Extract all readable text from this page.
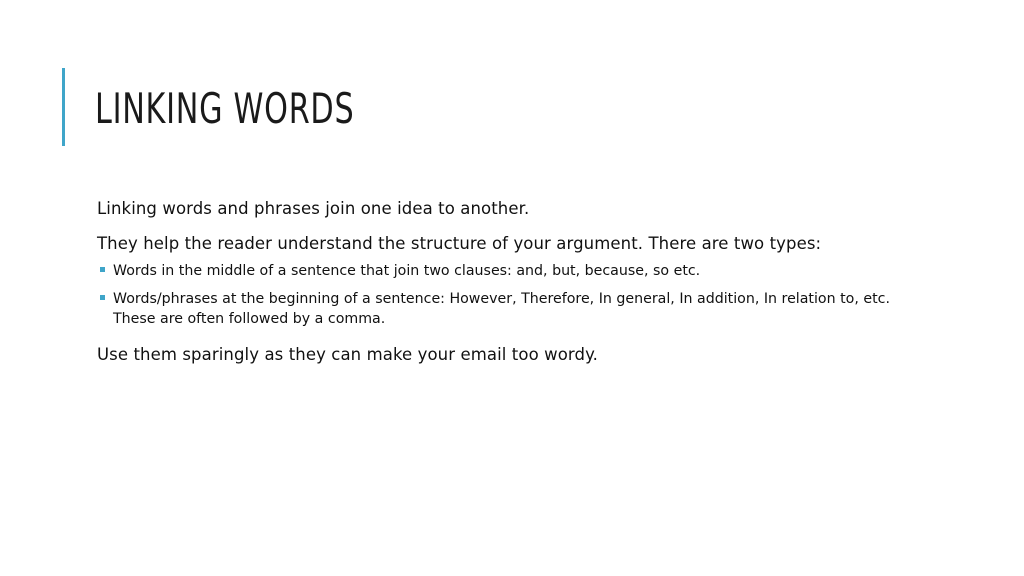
LINKING WORDS

Linking words and phrases join one idea to another.

They help the reader understand the structure of your argument. There are two types:

Words in the middle of a sentence that join two clauses: and, but, because, so etc.
Words/phrases at the beginning of a sentence: However, Therefore, In general, In addition, In relation to, etc. These are often followed by a comma.

Use them sparingly as they can make your email too wordy.
